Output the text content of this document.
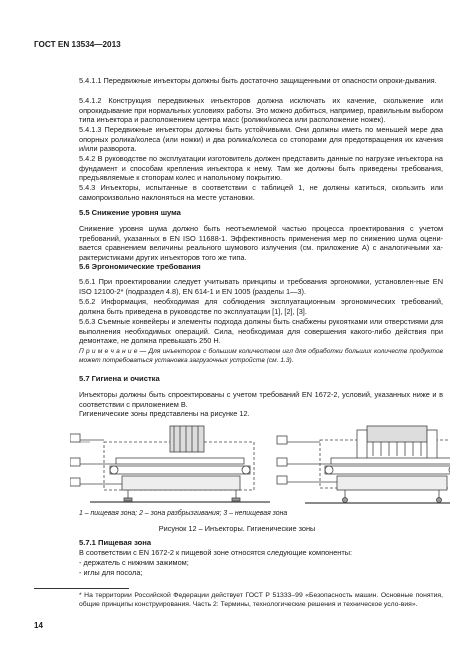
ГОСТ EN 13534—2013
5.4.1.1 Передвижные инъекторы должны быть достаточно защищенными от опасности опроки-дывания.
5.4.1.2 Конструкция передвижных инъекторов должна исключать их качение, скольжение или опрокидывание при нормальных условиях работы. Это можно добиться, например, правильным выбором типа инъектора и расположением центра масс (ролики/колеса или расположение ножек).
5.4.1.3 Передвижные инъекторы должны быть устойчивыми. Они должны иметь по меньшей мере два опорных ролика/колеса (или ножки) и два ролика/колеса со стопорами для предотвращения их качения и/или разворота.
5.4.2 В руководстве по эксплуатации изготовитель должен представить данные по нагрузке инъектора на фундамент и способам крепления инъектора к нему. Там же должны быть приведены требования, предъявляемые к стопорам колес и напольному покрытию.
5.4.3 Инъекторы, испытанные в соответствии с таблицей 1, не должны катиться, скользить или самопроизвольно наклоняться на месте установки.
5.5 Снижение уровня шума
Снижение уровня шума должно быть неотъемлемой частью процесса проектирования с учетом требований, указанных в EN ISO 11688-1. Эффективность применения мер по снижению шума оцени-вается сравнением величины реального шумового излучения (см. приложение А) с аналогичными ха-рактеристиками других инъекторов того же типа.
5.6 Эргономические требования
5.6.1 При проектировании следует учитывать принципы и требования эргономики, установлен-ные EN ISO 12100-2* (подраздел 4.8), EN 614-1 и EN 1005 (разделы 1—3).
5.6.2 Информация, необходимая для соблюдения эксплуатационным эргономических требований, должна быть приведена в руководстве по эксплуатации [1], [2], [3].
5.6.3 Съемные конвейеры и элементы подхода должны быть снабжены рукоятками или отверстиями для выполнения необходимых операций. Сила, необходимая для совершения какого-либо действия при демонтаже, не должна превышать 250 Н.
П р и м е ч а н и е — Для инъекторов с большим количеством игл для обработки больших количеств продуктов может потребоваться установка загрузочных устройств (см. 1.3).
5.7 Гигиена и очистка
Инъекторы должны быть спроектированы с учетом требований EN 1672-2, условий, указанных ниже и в соответствии с приложением В.
Гигиенические зоны представлены на рисунке 12.
1 – пищевая зона; 2 – зона разбрызгивания; 3 – непищевая зона
Рисунок 12 – Инъекторы. Гигиенические зоны
5.7.1 Пищевая зона
В соответствии с EN 1672-2 к пищевой зоне относятся следующие компоненты:
- держатель с нижним зажимом;
- иглы для посола;
* На территории Российской Федерации действует ГОСТ Р 51333–99 «Безопасность машин. Основные понятия, общие принципы конструирования. Часть 2: Термины, технологические решения и техническое усло-вия».
14
